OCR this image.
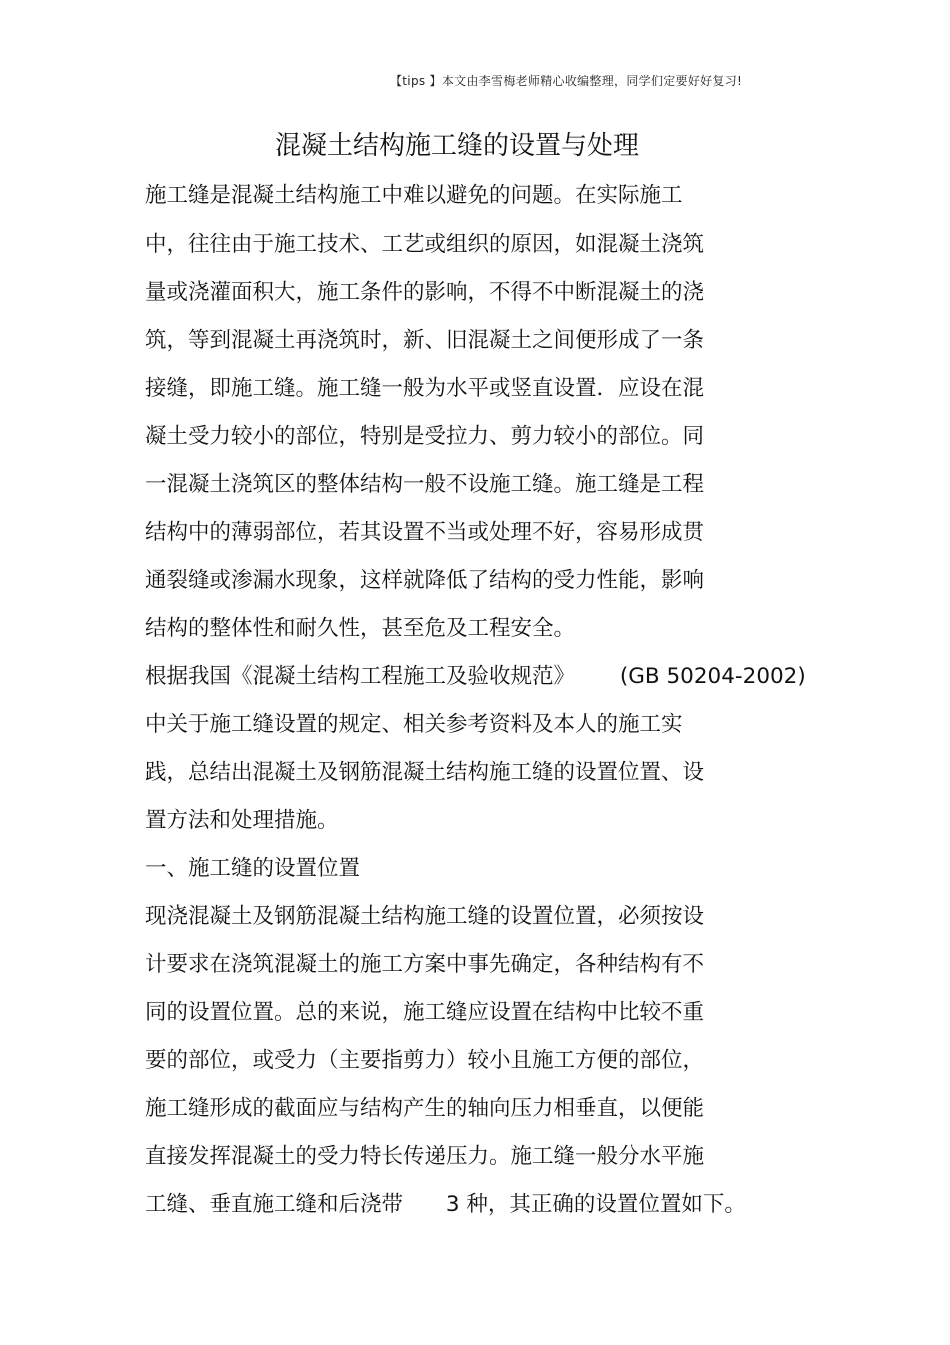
【tips 】本文由李雪梅老师精心收编整理，同学们定要好好复习!
混凝土结构施工缝的设置与处理
施工缝是混凝土结构施工中难以避免的问题。在实际施工
中，往往由于施工技术、工艺或组织的原因，如混凝土浇筑
量或浇灌面积大，施工条件的影响，不得不中断混凝土的浇
筑，等到混凝土再浇筑时，新、旧混凝土之间便形成了一条
接缝，即施工缝。施工缝一般为水平或竖直设置．应设在混
凝土受力较小的部位，特别是受拉力、剪力较小的部位。同
一混凝土浇筑区的整体结构一般不设施工缝。施工缝是工程
结构中的薄弱部位，若其设置不当或处理不好，容易形成贯
通裂缝或渗漏水现象，这样就降低了结构的受力性能，影响
结构的整体性和耐久性，甚至危及工程安全。
根据我国《混凝土结构工程施工及验收规范》 (GB 50204-2002)
中关于施工缝设置的规定、相关参考资料及本人的施工实
践，总结出混凝土及钢筋混凝土结构施工缝的设置位置、设
置方法和处理措施。
一、施工缝的设置位置
现浇混凝土及钢筋混凝土结构施工缝的设置位置，必须按设
计要求在浇筑混凝土的施工方案中事先确定，各种结构有不
同的设置位置。总的来说，施工缝应设置在结构中比较不重
要的部位，或受力（主要指剪力）较小且施工方便的部位，
施工缝形成的截面应与结构产生的轴向压力相垂直，以便能
直接发挥混凝土的受力特长传递压力。施工缝一般分水平施
工缝、垂直施工缝和后浇带 3 种，其正确的设置位置如下。
